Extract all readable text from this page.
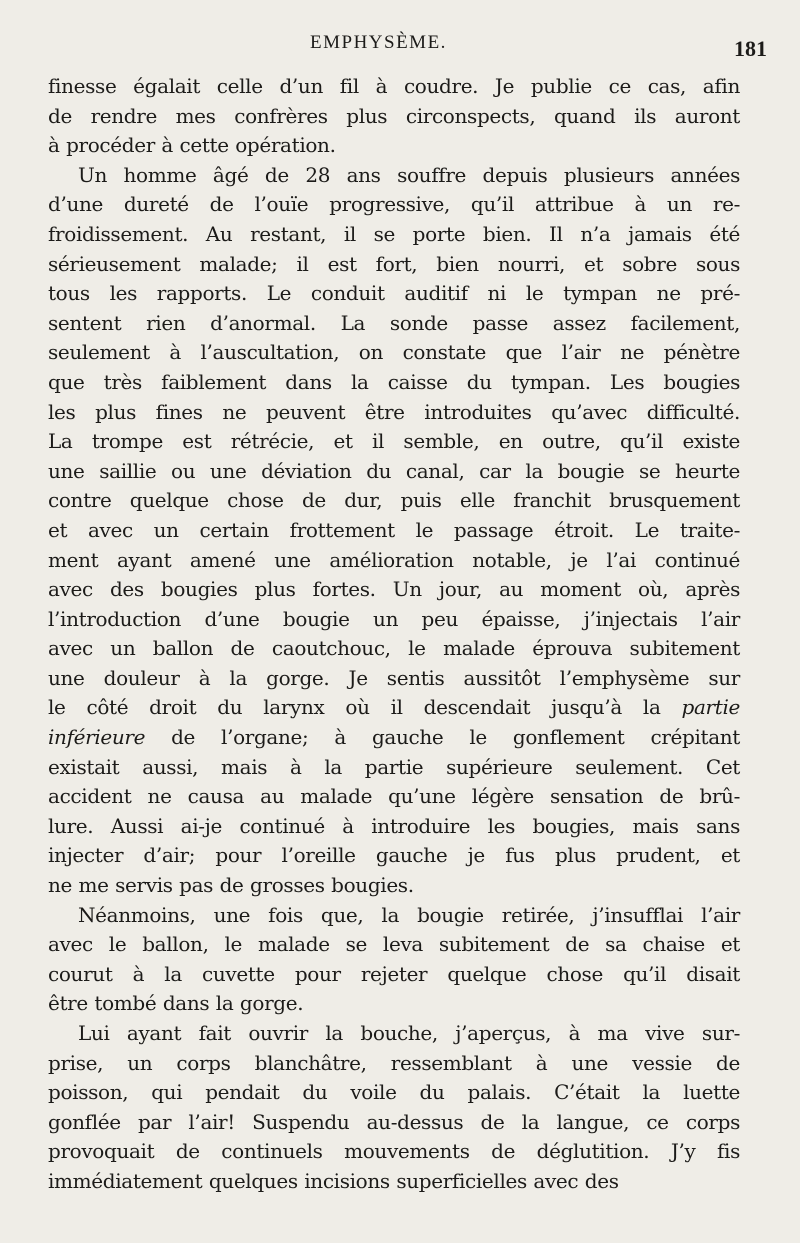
EMPHYSÈME.	181

finesse égalait celle d’un fil à coudre. Je publie ce cas, afin
de rendre mes confrères plus circonspects, quand ils auront
à procéder à cette opération.

Un homme âgé de 28 ans souffre depuis plusieurs années
d’une dureté de l’ouïe progressive, qu’il attribue à un re-
froidissement. Au restant, il se porte bien. Il n’a jamais été
sérieusement malade; il est fort, bien nourri, et sobre sous
tous les rapports. Le conduit auditif ni le tympan ne pré-
sentent rien d’anormal. La sonde passe assez facilement,
seulement à l’auscultation, on constate que l’air ne pénètre
que très faiblement dans la caisse du tympan. Les bougies
les plus fines ne peuvent être introduites qu’avec difficulté.
La trompe est rétrécie, et il semble, en outre, qu’il existe
une saillie ou une déviation du canal, car la bougie se heurte
contre quelque chose de dur, puis elle franchit brusquement
et avec un certain frottement le passage étroit. Le traite-
ment ayant amené une amélioration notable, je l’ai continué
avec des bougies plus fortes. Un jour, au moment où, après
l’introduction d’une bougie un peu épaisse, j’injectais l’air
avec un ballon de caoutchouc, le malade éprouva subitement
une douleur à la gorge. Je sentis aussitôt l’emphysème sur
le côté droit du larynx où il descendait jusqu’à la partie
inférieure de l’organe; à gauche le gonflement crépitant
existait aussi, mais à la partie supérieure seulement. Cet
accident ne causa au malade qu’une légère sensation de brû-
lure. Aussi ai-je continué à introduire les bougies, mais sans
injecter d’air; pour l’oreille gauche je fus plus prudent, et
ne me servis pas de grosses bougies.

Néanmoins, une fois que, la bougie retirée, j’insufflai l’air
avec le ballon, le malade se leva subitement de sa chaise et
courut à la cuvette pour rejeter quelque chose qu’il disait
être tombé dans la gorge.

Lui ayant fait ouvrir la bouche, j’aperçus, à ma vive sur-
prise, un corps blanchâtre, ressemblant à une vessie de
poisson, qui pendait du voile du palais. C’était la luette
gonflée par l’air! Suspendu au-dessus de la langue, ce corps
provoquait de continuels mouvements de déglutition. J’y fis
immédiatement quelques incisions superficielles avec des
